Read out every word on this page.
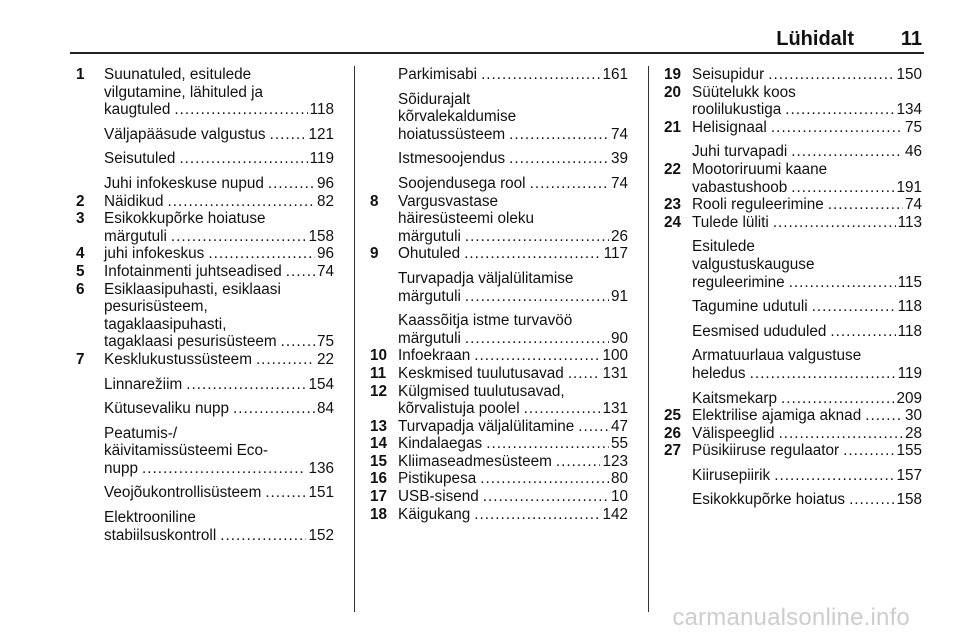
Lühidalt 11
1	Suunatuled, esitulede
vilgutamine, lähituled ja
kaugtuled .....	118
Väljapääsude valgustus .....	121
Seisutuled .....	119
Juhi infokeskuse nupud .....	96
2	Näidikud .....	82
3	Esikokkupõrke hoiatuse
märgutuli .....	158
4	juhi infokeskus .....	96
5	Infotainmenti juhtseadised ..... 74
6	Esiklaasipuhasti, esiklaasi
pesurisüsteem,
tagaklaasipuhasti,
tagaklaasi pesurisüsteem .....	75
7	Kesklukustussüsteem .....	22
Linnarežiim .....	154
Kütusevaliku nupp .....	84
Peatumis-/
käivitamissüsteemi Eco-
nupp .....	136
Veojõukontrollisüsteem .....	151
Elektrooniline
stabiilsuskontroll .....	152
Parkimisabi .....	161
Sõidurajalt
kõrvalekaldumise
hoiatussüsteem .....	74
Istmesoojendus .....	39
Soojendusega rool .....	74
8	Vargusvastase
häiresüsteemi oleku
märgutuli .....	26
9	Ohutuled .....	117
Turvapadja väljalülitamise
märgutuli .....	91
Kaassõitja istme turvavöö
märgutuli .....	90
10 Infoekraan .....	100
11 Keskmised tuulutusavad .....	131
12 Külgmised tuulutusavad,
kõrvalistuja poolel .....	131
13 Turvapadja väljalülitamine ..... 47
14 Kindalaegas .....	55
15 Kliimaseadmesüsteem .....	123
16 Pistikupesa .....	80
17 USB-sisend .....	10
18 Käigukang .....	142
19 Seisupidur .....	150
20 Süütelukk koos
roolilukustiga .....	134
21 Helisignaal .....	75
Juhi turvapadi .....	46
22 Mootoriruumi kaane
vabastushoob .....	191
23 Rooli reguleerimine .....	74
24 Tulede lüliti .....	113
Esitulede
valgustuskauguse
reguleerimine .....	115
Tagumine udutuli .....	118
Eesmised ududuled .....	118
Armatuurlaua valgustuse
heledus .....	119
Kaitsmekarp .....	209
25 Elektrilise ajamiga aknad .....	30
26 Välispeeglid .....	28
27 Püsikiiruse regulaator .....	155
Kiirusepiirik .....	157
Esikokkupõrke hoiatus .....	158
carmanualsonline.info
